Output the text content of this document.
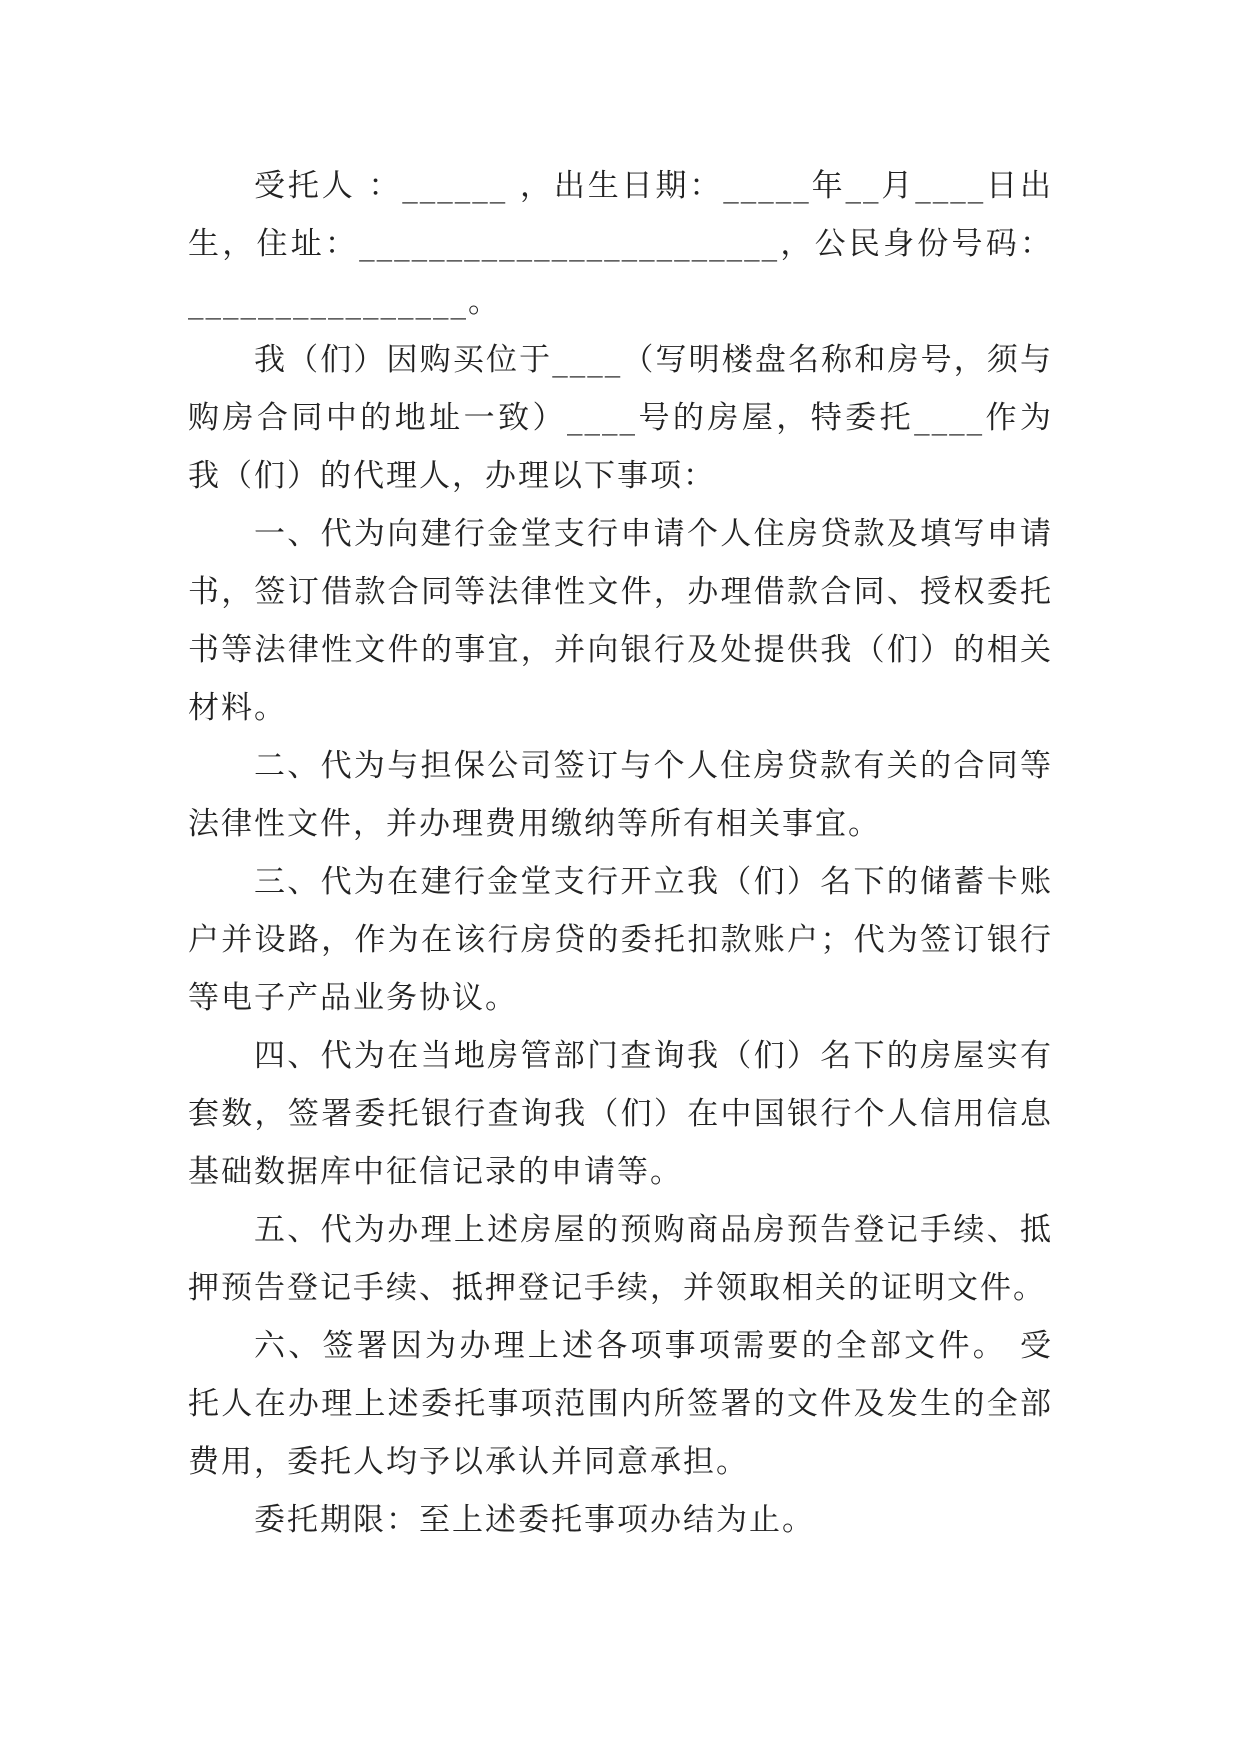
受托人 ：______ ，出生日期：_____年__月____日出生，住址：________________________，公民身份号码：________________。

我（们）因购买位于____（写明楼盘名称和房号，须与购房合同中的地址一致）____号的房屋，特委托____作为我（们）的代理人，办理以下事项：

一、代为向建行金堂支行申请个人住房贷款及填写申请书，签订借款合同等法律性文件，办理借款合同、授权委托书等法律性文件的事宜，并向银行及处提供我（们）的相关材料。

二、代为与担保公司签订与个人住房贷款有关的合同等法律性文件，并办理费用缴纳等所有相关事宜。

三、代为在建行金堂支行开立我（们）名下的储蓄卡账户并设路，作为在该行房贷的委托扣款账户；代为签订银行等电子产品业务协议。

四、代为在当地房管部门查询我（们）名下的房屋实有套数，签署委托银行查询我（们）在中国银行个人信用信息基础数据库中征信记录的申请等。

五、代为办理上述房屋的预购商品房预告登记手续、抵押预告登记手续、抵押登记手续，并领取相关的证明文件。

六、签署因为办理上述各项事项需要的全部文件。 受托人在办理上述委托事项范围内所签署的文件及发生的全部费用，委托人均予以承认并同意承担。

委托期限：至上述委托事项办结为止。
